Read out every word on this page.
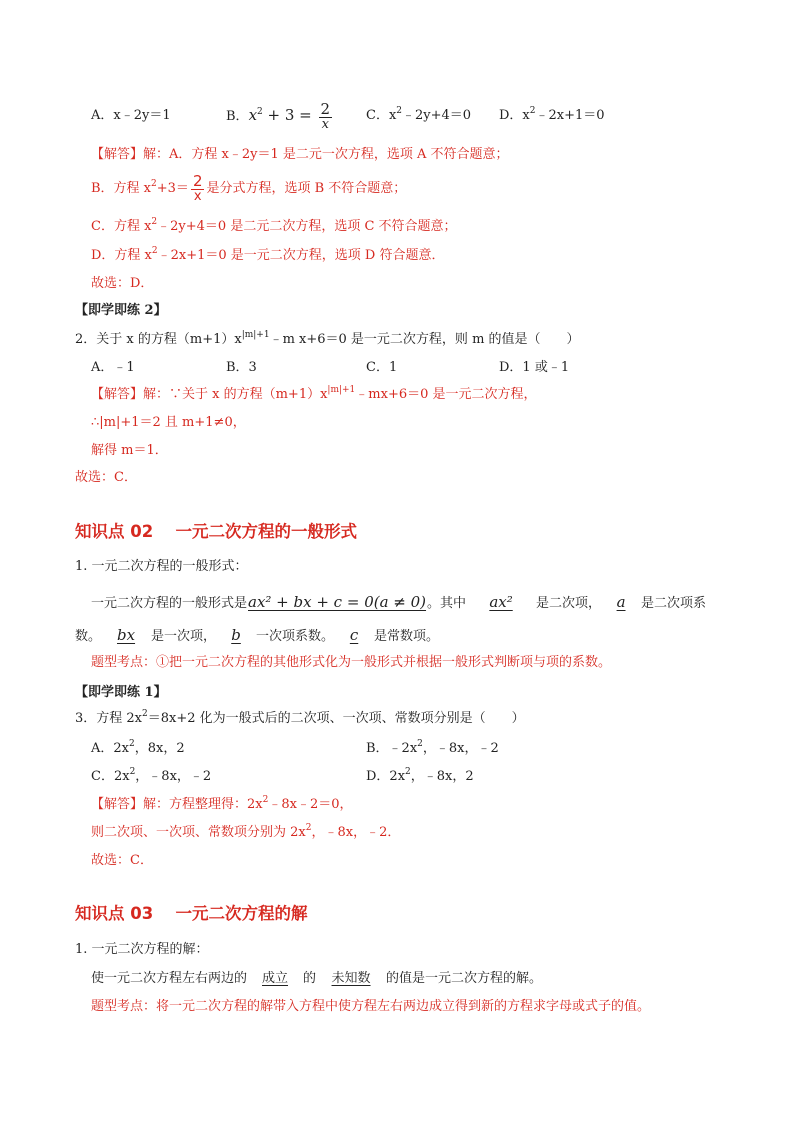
A．x﹣2y＝1	B．$x^2 + 3 = \frac{2}{x}$	C．$x^2﹣2y+4=0$ D．$x^2﹣2x+1=0$
【解答】解：A．方程 x﹣2y＝1 是二元一次方程，选项 A 不符合题意；
B．方程 $x^2+3= \frac{2}{x}$ 是分式方程，选项 B 不符合题意；
C．方程 $x^2﹣2y+4=0$ 是二元二次方程，选项 C 不符合题意；
D．方程 $x^2﹣2x+1=0$ 是一元二次方程，选项 D 符合题意．
故选：D．
【即学即练 2】
2．关于 x 的方程$(m+1)x^{|m|+1}﹣m$ x+6＝0 是一元二次方程，则 m 的值是（　　）
A．﹣1	B．3	C．1	D．1 或﹣1
【解答】解：∵关于 x 的方程$(m+1)x^{|m|+1}﹣mx+6=0$ 是一元二次方程，
∴|m|+1＝2 且 m+1≠0，
解得 m＝1．
故选：C．
知识点 02　 一元二次方程的一般形式
1. 一元二次方程的一般形式：
一元二次方程的一般形式是ax² + bx + c = 0(a ≠ 0)。其中 ax² 是二次项， a 是二次项系
数。 bx 是一次项， b 一次项系数。 c 是常数项。
题型考点：①把一元二次方程的其他形式化为一般形式并根据一般形式判断项与项的系数。
【即学即练 1】
3．方程 $2x^2=8x+2$ 化为一般式后的二次项、一次项、常数项分别是（　　）
A．$2x^2$，8x，2	B．$﹣2x^2$，﹣8x，﹣2
C．$2x^2$，﹣8x，﹣2	D．$2x^2$，﹣8x，2
【解答】解：方程整理得：$2x^2﹣8x﹣2=0$，
则二次项、一次项、常数项分别为 $2x^2$，﹣8x，﹣2．
故选：C．
知识点 03　 一元二次方程的解
1. 一元二次方程的解：
使一元二次方程左右两边的 成立 的 未知数 的值是一元二次方程的解。
题型考点：将一元二次方程的解带入方程中使方程左右两边成立得到新的方程求字母或式子的值。
